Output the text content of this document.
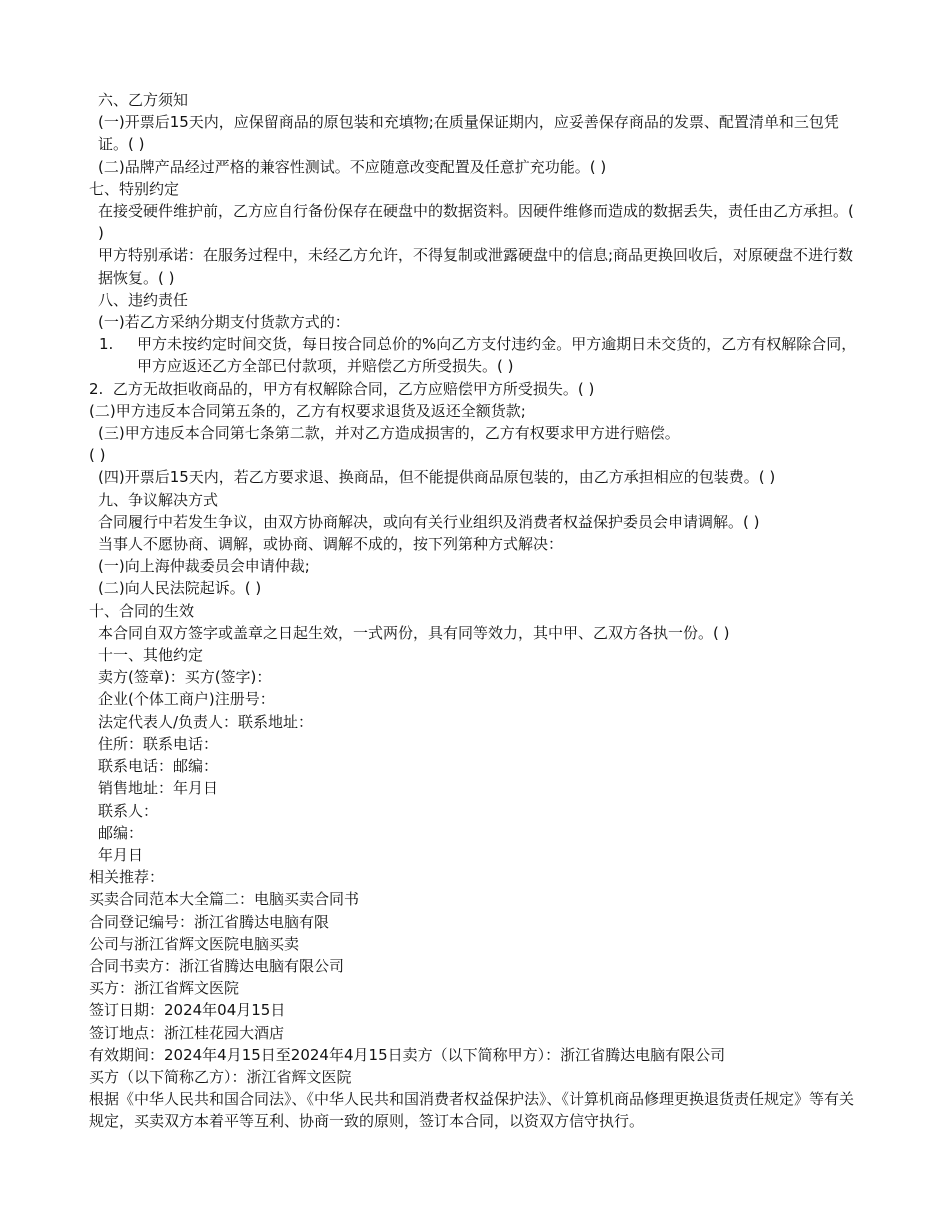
六、乙方须知

(一)开票后15天内，应保留商品的原包装和充填物;在质量保证期内，应妥善保存商品的发票、配置清单和三包凭证。( )

(二)品牌产品经过严格的兼容性测试。不应随意改变配置及任意扩充功能。( )

七、特别约定

在接受硬件维护前，乙方应自行备份保存在硬盘中的数据资料。因硬件维修而造成的数据丢失，责任由乙方承担。( )

甲方特别承诺：在服务过程中，未经乙方允许，不得复制或泄露硬盘中的信息;商品更换回收后，对原硬盘不进行数据恢复。( )

八、违约责任

(一)若乙方采纳分期支付货款方式的：

1.	甲方未按约定时间交货，每日按合同总价的%向乙方支付违约金。甲方逾期日未交货的，乙方有权解除合同，甲方应返还乙方全部已付款项，并赔偿乙方所受损失。( )

2.  乙方无故拒收商品的，甲方有权解除合同，乙方应赔偿甲方所受损失。( )

(二)甲方违反本合同第五条的，乙方有权要求退货及返还全额货款;

(三)甲方违反本合同第七条第二款，并对乙方造成损害的，乙方有权要求甲方进行赔偿。

( )

(四)开票后15天内，若乙方要求退、换商品，但不能提供商品原包装的，由乙方承担相应的包装费。( )

九、争议解决方式

合同履行中若发生争议，由双方协商解决，或向有关行业组织及消费者权益保护委员会申请调解。( )

当事人不愿协商、调解，或协商、调解不成的，按下列第种方式解决：

(一)向上海仲裁委员会申请仲裁;

(二)向人民法院起诉。( )

十、合同的生效

本合同自双方签字或盖章之日起生效，一式两份，具有同等效力，其中甲、乙双方各执一份。( )

十一、其他约定

卖方(签章)：买方(签字)：

企业(个体工商户)注册号：

法定代表人/负责人：联系地址：

住所：联系电话：

联系电话：邮编：

销售地址：年月日

联系人：

邮编：

年月日

相关推荐：

买卖合同范本大全篇二：电脑买卖合同书

合同登记编号：浙江省腾达电脑有限

公司与浙江省辉文医院电脑买卖

合同书卖方：浙江省腾达电脑有限公司

买方：浙江省辉文医院

签订日期：2024年04月15日

签订地点：浙江桂花园大酒店

有效期间：2024年4月15日至2024年4月15日卖方（以下简称甲方）：浙江省腾达电脑有限公司

买方（以下简称乙方）：浙江省辉文医院

根据《中华人民共和国合同法》、《中华人民共和国消费者权益保护法》、《计算机商品修理更换退货责任规定》等有关规定，买卖双方本着平等互利、协商一致的原则，签订本合同，以资双方信守执行。
